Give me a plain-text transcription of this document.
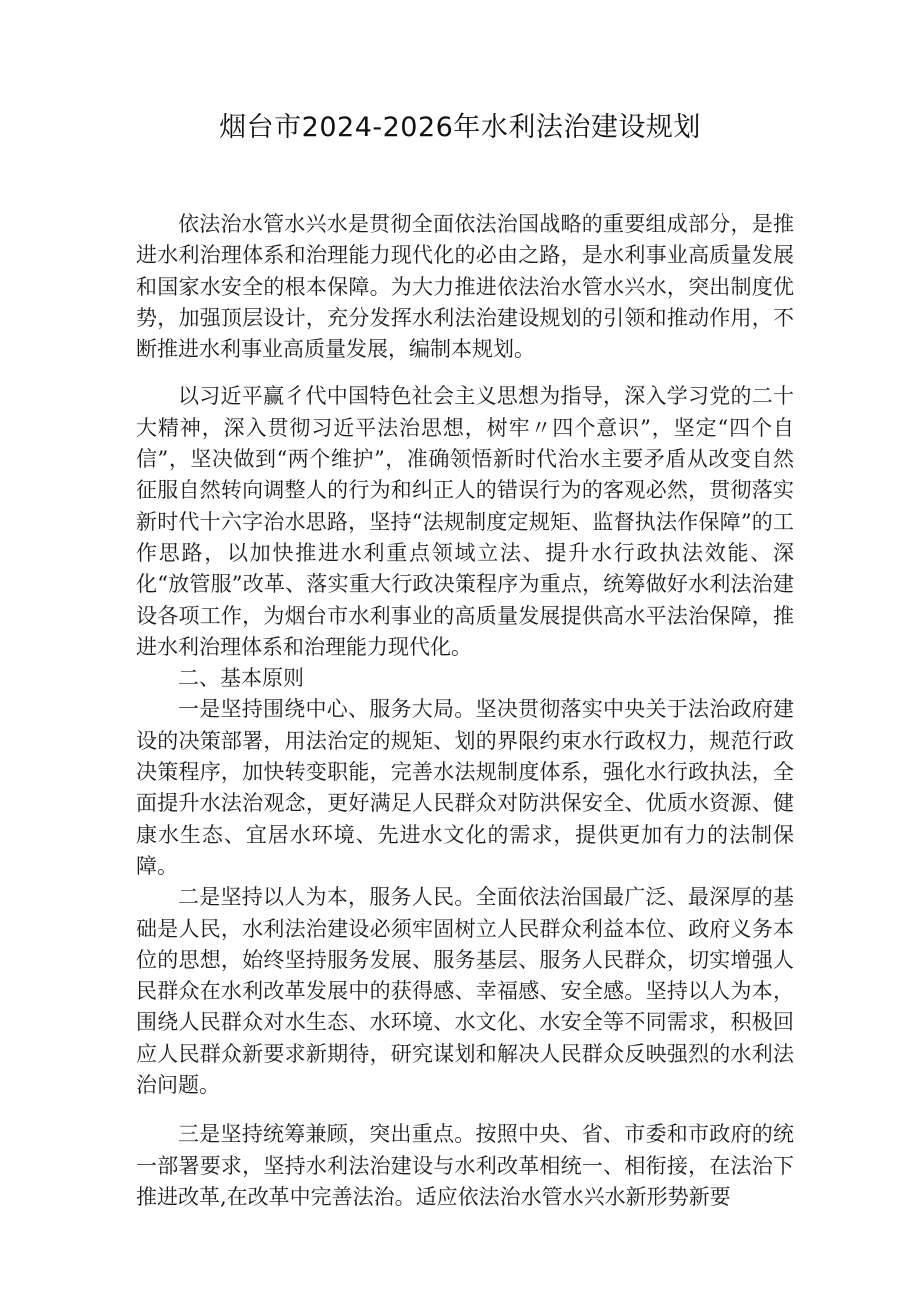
烟台市2024-2026年水利法治建设规划

依法治水管水兴水是贯彻全面依法治国战略的重要组成部分，是推进水利治理体系和治理能力现代化的必由之路，是水利事业高质量发展和国家水安全的根本保障。为大力推进依法治水管水兴水，突出制度优势，加强顶层设计，充分发挥水利法治建设规划的引领和推动作用，不断推进水利事业高质量发展，编制本规划。

以习近平赢彳代中国特色社会主义思想为指导，深入学习党的二十大精神，深入贯彻习近平法治思想，树牢〃四个意识”，坚定“四个自信”，坚决做到“两个维护”，准确领悟新时代治水主要矛盾从改变自然征服自然转向调整人的行为和纠正人的错误行为的客观必然，贯彻落实新时代十六字治水思路，坚持“法规制度定规矩、监督执法作保障”的工作思路，以加快推进水利重点领域立法、提升水行政执法效能、深化“放管服”改革、落实重大行政决策程序为重点，统筹做好水利法治建设各项工作，为烟台市水利事业的高质量发展提供高水平法治保障，推进水利治理体系和治理能力现代化。

二、基本原则

一是坚持围绕中心、服务大局。坚决贯彻落实中央关于法治政府建设的决策部署，用法治定的规矩、划的界限约束水行政权力，规范行政决策程序，加快转变职能，完善水法规制度体系，强化水行政执法，全面提升水法治观念，更好满足人民群众对防洪保安全、优质水资源、健康水生态、宜居水环境、先进水文化的需求，提供更加有力的法制保障。

二是坚持以人为本，服务人民。全面依法治国最广泛、最深厚的基础是人民，水利法治建设必须牢固树立人民群众利益本位、政府义务本位的思想，始终坚持服务发展、服务基层、服务人民群众，切实增强人民群众在水利改革发展中的获得感、幸福感、安全感。坚持以人为本，围绕人民群众对水生态、水环境、水文化、水安全等不同需求，积极回应人民群众新要求新期待，研究谋划和解决人民群众反映强烈的水利法治问题。

三是坚持统筹兼顾，突出重点。按照中央、省、市委和市政府的统一部署要求，坚持水利法治建设与水利改革相统一、相衔接，在法治下推进改革,在改革中完善法治。适应依法治水管水兴水新形势新要
